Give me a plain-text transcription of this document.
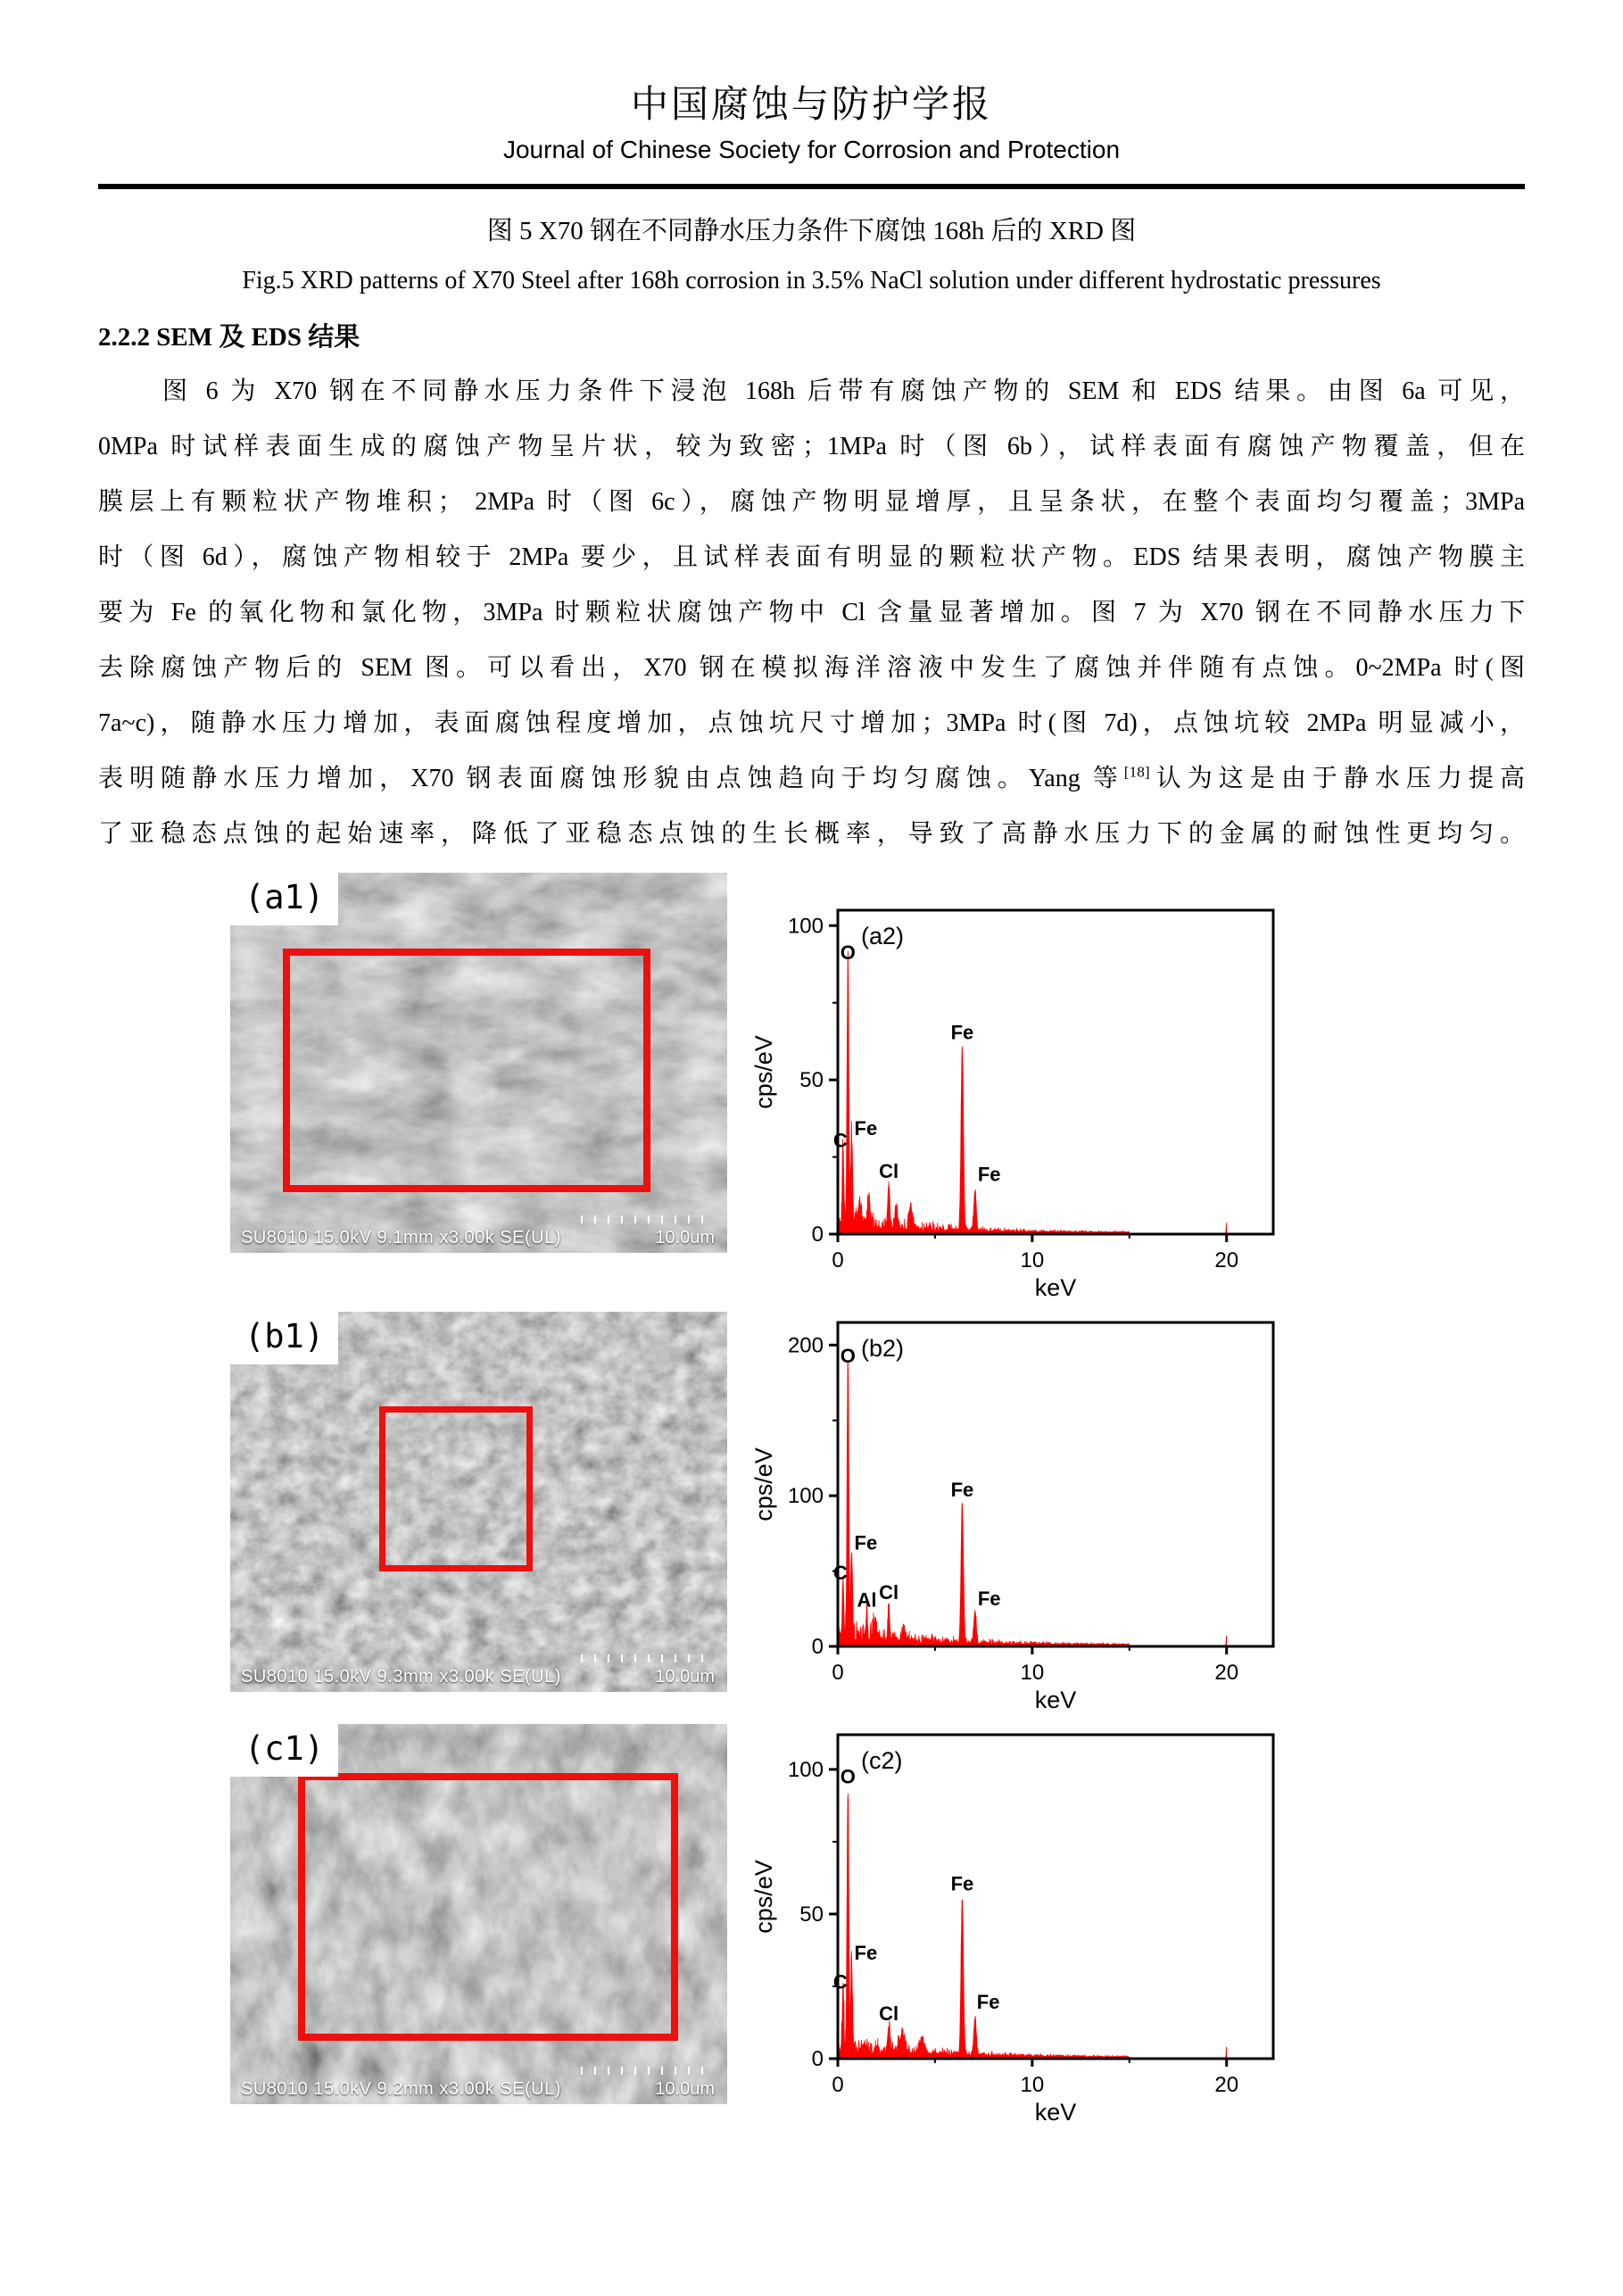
中国腐蚀与防护学报
Journal of Chinese Society for Corrosion and Protection
图 5 X70 钢在不同静水压力条件下腐蚀 168h 后的 XRD 图
Fig.5 XRD patterns of X70 Steel after 168h corrosion in 3.5% NaCl solution under different hydrostatic pressures
2.2.2 SEM 及 EDS 结果
图 6 为 X70 钢在不同静水压力条件下浸泡 168h 后带有腐蚀产物的 SEM 和 EDS 结果。由图 6a 可见，
0MPa 时试样表面生成的腐蚀产物呈片状，较为致密；1MPa 时（图 6b），试样表面有腐蚀产物覆盖，但在
膜层上有颗粒状产物堆积； 2MPa 时（图 6c），腐蚀产物明显增厚，且呈条状，在整个表面均匀覆盖；3MPa
时（图 6d），腐蚀产物相较于 2MPa 要少，且试样表面有明显的颗粒状产物。EDS 结果表明，腐蚀产物膜主
要为 Fe 的氧化物和氯化物，3MPa 时颗粒状腐蚀产物中 Cl 含量显著增加。图 7 为 X70 钢在不同静水压力下
去除腐蚀产物后的 SEM 图。可以看出，X70 钢在模拟海洋溶液中发生了腐蚀并伴随有点蚀。0~2MPa 时(图
7a~c)，随静水压力增加，表面腐蚀程度增加，点蚀坑尺寸增加；3MPa 时(图 7d)，点蚀坑较 2MPa 明显减小，
表明随静水压力增加，X70 钢表面腐蚀形貌由点蚀趋向于均匀腐蚀。Yang 等[18]认为这是由于静水压力提高
了亚稳态点蚀的起始速率，降低了亚稳态点蚀的生长概率，导致了高静水压力下的金属的耐蚀性更均匀。
(a1)
SU8010 15.0kV 9.1mm x3.00k SE(UL)	10.0um	0
50
100
0	10	20
keV
cps/eV
(a2)
C
O
Fe
Cl
Fe
Fe
(b1)
SU8010 15.0kV 9.3mm x3.00k SE(UL)	10.0um
0
100
200
0	10	20
keV
cps/eV
(b2)
C
O
Fe
Al Cl
Fe
Fe
(c1)
SU8010 15.0kV 9.2mm x3.00k SE(UL)	10.0um
0
50
100
0	10	20
keV
cps/eV
(c2)
C
O
Fe
Cl
Fe
Fe
